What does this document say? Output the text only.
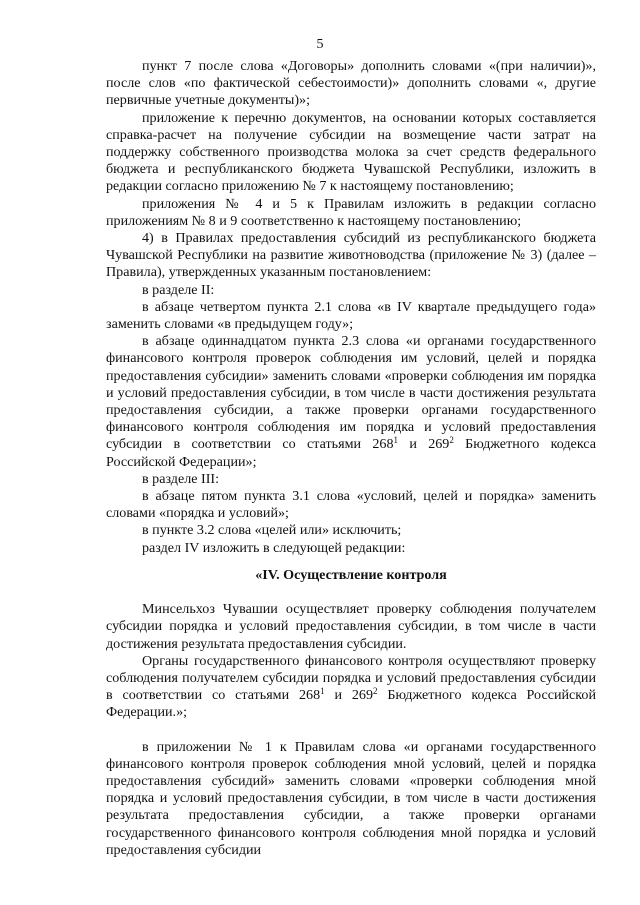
5

пункт 7 после слова «Договоры» дополнить словами «(при наличии)», после слов «по фактической себестоимости)» дополнить словами «, другие первичные учетные документы)»;

приложение к перечню документов, на основании которых составляется справка-расчет на получение субсидии на возмещение части затрат на поддержку собственного производства молока за счет средств федерального бюджета и республиканского бюджета Чувашской Республики, изложить в редакции согласно приложению № 7 к настоящему постановлению;

приложения № 4 и 5 к Правилам изложить в редакции согласно приложениям № 8 и 9 соответственно к настоящему постановлению;

4) в Правилах предоставления субсидий из республиканского бюджета Чувашской Республики на развитие животноводства (приложение № 3) (далее – Правила), утвержденных указанным постановлением:

в разделе II:

в абзаце четвертом пункта 2.1 слова «в IV квартале предыдущего года» заменить словами «в предыдущем году»;

в абзаце одиннадцатом пункта 2.3 слова «и органами государственного финансового контроля проверок соблюдения им условий, целей и порядка предоставления субсидии» заменить словами «проверки соблюдения им порядка и условий предоставления субсидии, в том числе в части достижения результата предоставления субсидии, а также проверки органами государственного финансового контроля соблюдения им порядка и условий предоставления субсидии в соответствии со статьями $268^1$ и $269^2$ Бюджетного кодекса Российской Федерации»;

в разделе III:

в абзаце пятом пункта 3.1 слова «условий, целей и порядка» заменить словами «порядка и условий»;

в пункте 3.2 слова «целей или» исключить;

раздел IV изложить в следующей редакции:

«IV. Осуществление контроля

Минсельхоз Чувашии осуществляет проверку соблюдения получателем субсидии порядка и условий предоставления субсидии, в том числе в части достижения результата предоставления субсидии.

Органы государственного финансового контроля осуществляют проверку соблюдения получателем субсидии порядка и условий предоставления субсидии в соответствии со статьями $268^1$ и $269^2$ Бюджетного кодекса Российской Федерации.»;

в приложении № 1 к Правилам слова «и органами государственного финансового контроля проверок соблюдения мной условий, целей и порядка предоставления субсидий» заменить словами «проверки соблюдения мной порядка и условий предоставления субсидии, в том числе в части достижения результата предоставления субсидии, а также проверки органами государственного финансового контроля соблюдения мной порядка и условий предоставления субсидии
